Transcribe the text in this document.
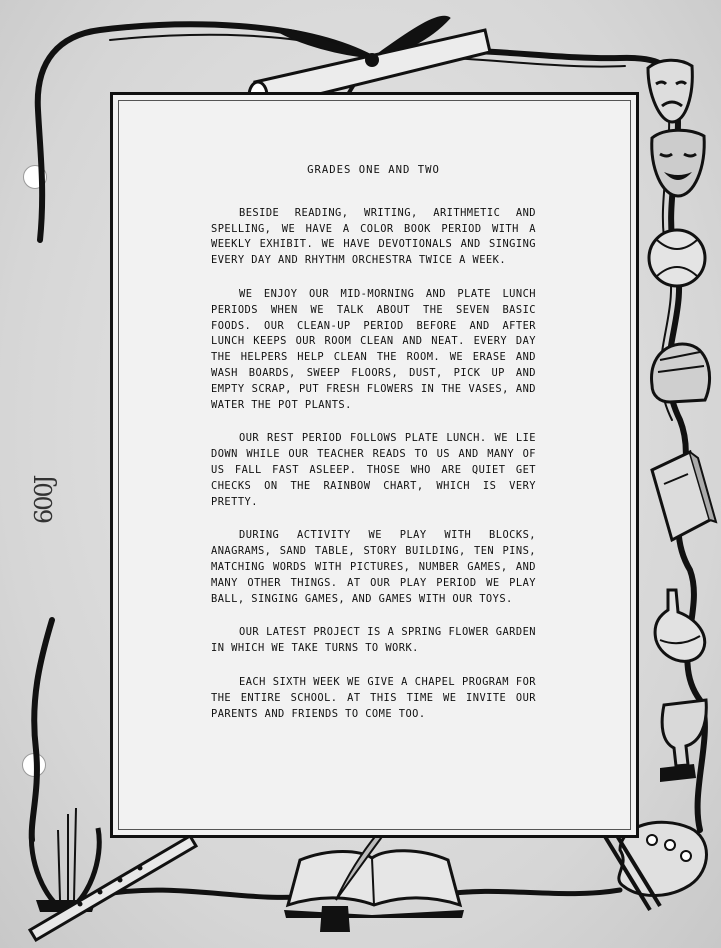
GRADES ONE AND TWO

BESIDE READING, WRITING, ARITHMETIC AND SPELLING, WE HAVE A COLOR BOOK PERIOD WITH A WEEKLY EXHIBIT. WE HAVE DEVOTIONALS AND SINGING EVERY DAY AND RHYTHM ORCHESTRA TWICE A WEEK.

WE ENJOY OUR MID-MORNING AND PLATE LUNCH PERIODS WHEN WE TALK ABOUT THE SEVEN BASIC FOODS. OUR CLEAN-UP PERIOD BEFORE AND AFTER LUNCH KEEPS OUR ROOM CLEAN AND NEAT. EVERY DAY THE HELPERS HELP CLEAN THE ROOM. WE ERASE AND WASH BOARDS, SWEEP FLOORS, DUST, PICK UP AND EMPTY SCRAP, PUT FRESH FLOWERS IN THE VASES, AND WATER THE POT PLANTS.

OUR REST PERIOD FOLLOWS PLATE LUNCH. WE LIE DOWN WHILE OUR TEACHER READS TO US AND MANY OF US FALL FAST ASLEEP. THOSE WHO ARE QUIET GET CHECKS ON THE RAINBOW CHART, WHICH IS VERY PRETTY.

DURING ACTIVITY WE PLAY WITH BLOCKS, ANAGRAMS, SAND TABLE, STORY BUILDING, TEN PINS, MATCHING WORDS WITH PICTURES, NUMBER GAMES, AND MANY OTHER THINGS. AT OUR PLAY PERIOD WE PLAY BALL, SINGING GAMES, AND GAMES WITH OUR TOYS.

OUR LATEST PROJECT IS A SPRING FLOWER GARDEN IN WHICH WE TAKE TURNS TO WORK.

EACH SIXTH WEEK WE GIVE A CHAPEL PROGRAM FOR THE ENTIRE SCHOOL. AT THIS TIME WE INVITE OUR PARENTS AND FRIENDS TO COME TOO.

600J
